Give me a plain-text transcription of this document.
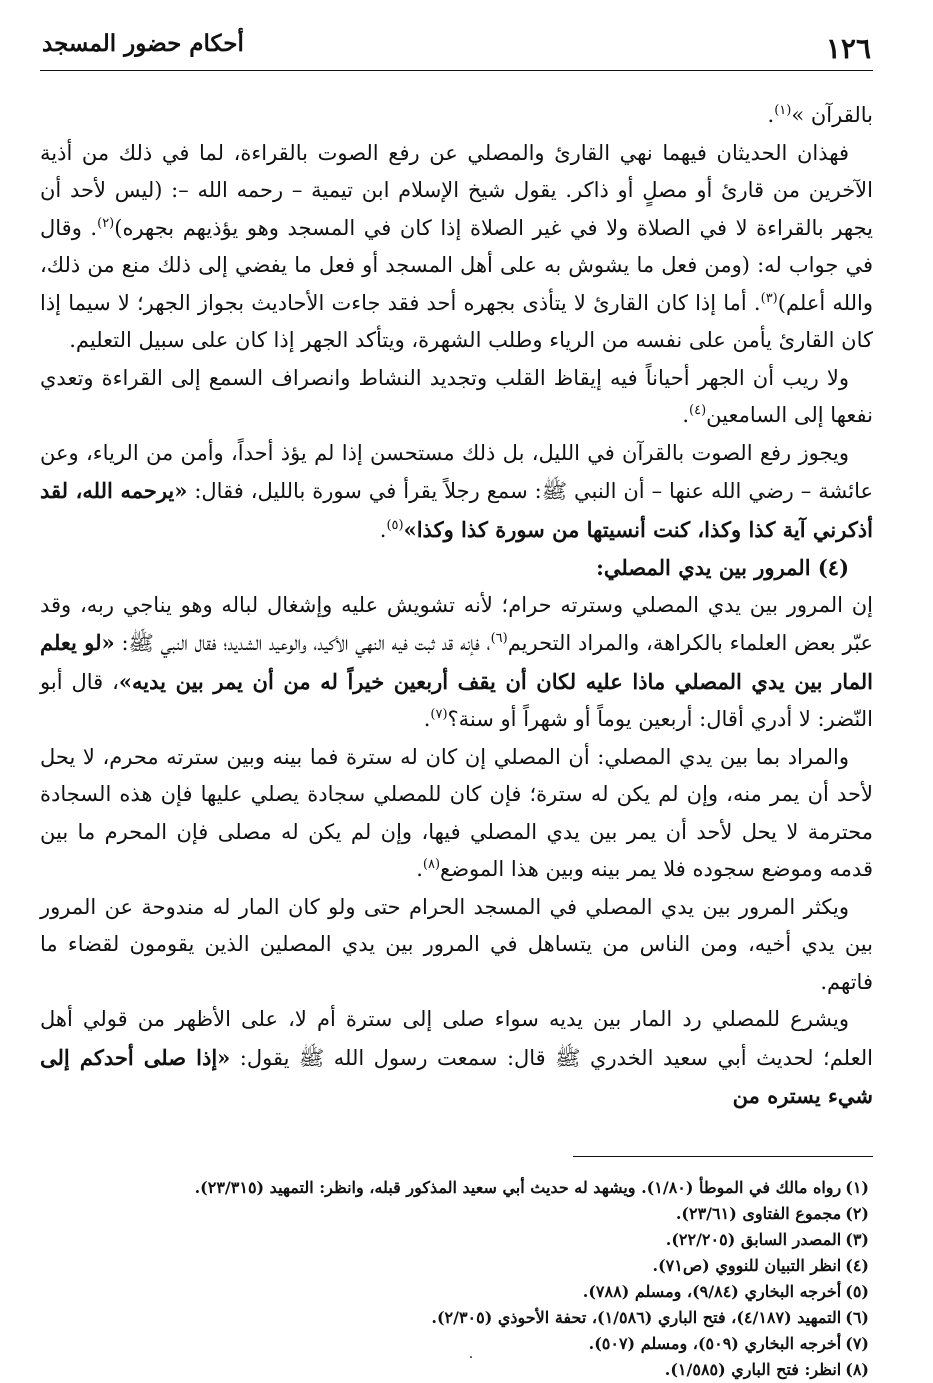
١٢٦
أحكام حضور المسجد

بالقرآن »$^{(١)}$.

فهذان الحديثان فيهما نهي القارئ والمصلي عن رفع الصوت بالقراءة، لما في ذلك من أذية الآخرين من قارئ أو مصلٍ أو ذاكر. يقول شيخ الإسلام ابن تيمية – رحمه الله –: (ليس لأحد أن يجهر بالقراءة لا في الصلاة ولا في غير الصلاة إذا كان في المسجد وهو يؤذيهم بجهره)$^{(٢)}$. وقال في جواب له: (ومن فعل ما يشوش به على أهل المسجد أو فعل ما يفضي إلى ذلك منع من ذلك، والله أعلم)$^{(٣)}$. أما إذا كان القارئ لا يتأذى بجهره أحد فقد جاءت الأحاديث بجواز الجهر؛ لا سيما إذا كان القارئ يأمن على نفسه من الرياء وطلب الشهرة، ويتأكد الجهر إذا كان على سبيل التعليم.

ولا ريب أن الجهر أحياناً فيه إيقاظ القلب وتجديد النشاط وانصراف السمع إلى القراءة وتعدي نفعها إلى السامعين$^{(٤)}$.

ويجوز رفع الصوت بالقرآن في الليل، بل ذلك مستحسن إذا لم يؤذ أحداً، وأمن من الرياء، وعن عائشة – رضي الله عنها – أن النبي ﷺ: سمع رجلاً يقرأ في سورة بالليل، فقال: «يرحمه الله، لقد أذكرني آية كذا وكذا، كنت أنسيتها من سورة كذا وكذا»$^{(٥)}$.

(٤) المرور بين يدي المصلي:

إن المرور بين يدي المصلي وسترته حرام؛ لأنه تشويش عليه وإشغال لباله وهو يناجي ربه، وقد عبّر بعض العلماء بالكراهة، والمراد التحريم$^{(٦)}$، فإنه قد ثبت فيه النهي الأكيد، والوعيد الشديد؛ فقال النبي ﷺ: «لو يعلم المار بين يدي المصلي ماذا عليه لكان أن يقف أربعين خيراً له من أن يمر بين يديه»، قال أبو النّضر: لا أدري أقال: أربعين يوماً أو شهراً أو سنة؟$^{(٧)}$.

والمراد بما بين يدي المصلي: أن المصلي إن كان له سترة فما بينه وبين سترته محرم، لا يحل لأحد أن يمر منه، وإن لم يكن له سترة؛ فإن كان للمصلي سجادة يصلي عليها فإن هذه السجادة محترمة لا يحل لأحد أن يمر بين يدي المصلي فيها، وإن لم يكن له مصلى فإن المحرم ما بين قدمه وموضع سجوده فلا يمر بينه وبين هذا الموضع$^{(٨)}$.

ويكثر المرور بين يدي المصلي في المسجد الحرام حتى ولو كان المار له مندوحة عن المرور بين يدي أخيه، ومن الناس من يتساهل في المرور بين يدي المصلين الذين يقومون لقضاء ما فاتهم.

ويشرع للمصلي رد المار بين يديه سواء صلى إلى سترة أم لا، على الأظهر من قولي أهل العلم؛ لحديث أبي سعيد الخدري ﷺ قال: سمعت رسول الله ﷺ يقول: «إذا صلى أحدكم إلى شيء يستره من

(١)رواه مالك في الموطأ (١/٨٠). ويشهد له حديث أبي سعيد المذكور قبله، وانظر: التمهيد (٢٣/٣١٥).
(٢)مجموع الفتاوى (٢٣/٦١).
(٣)المصدر السابق (٢٢/٢٠٥).
(٤)انظر التبيان للنووي (ص٧١).
(٥)أخرجه البخاري (٩/٨٤)، ومسلم (٧٨٨).
(٦)التمهيد (٤/١٨٧)، فتح الباري (١/٥٨٦)، تحفة الأحوذي (٢/٣٠٥).
(٧)أخرجه البخاري (٥٠٩)، ومسلم (٥٠٧).
(٨)انظر: فتح الباري (١/٥٨٥).
.
